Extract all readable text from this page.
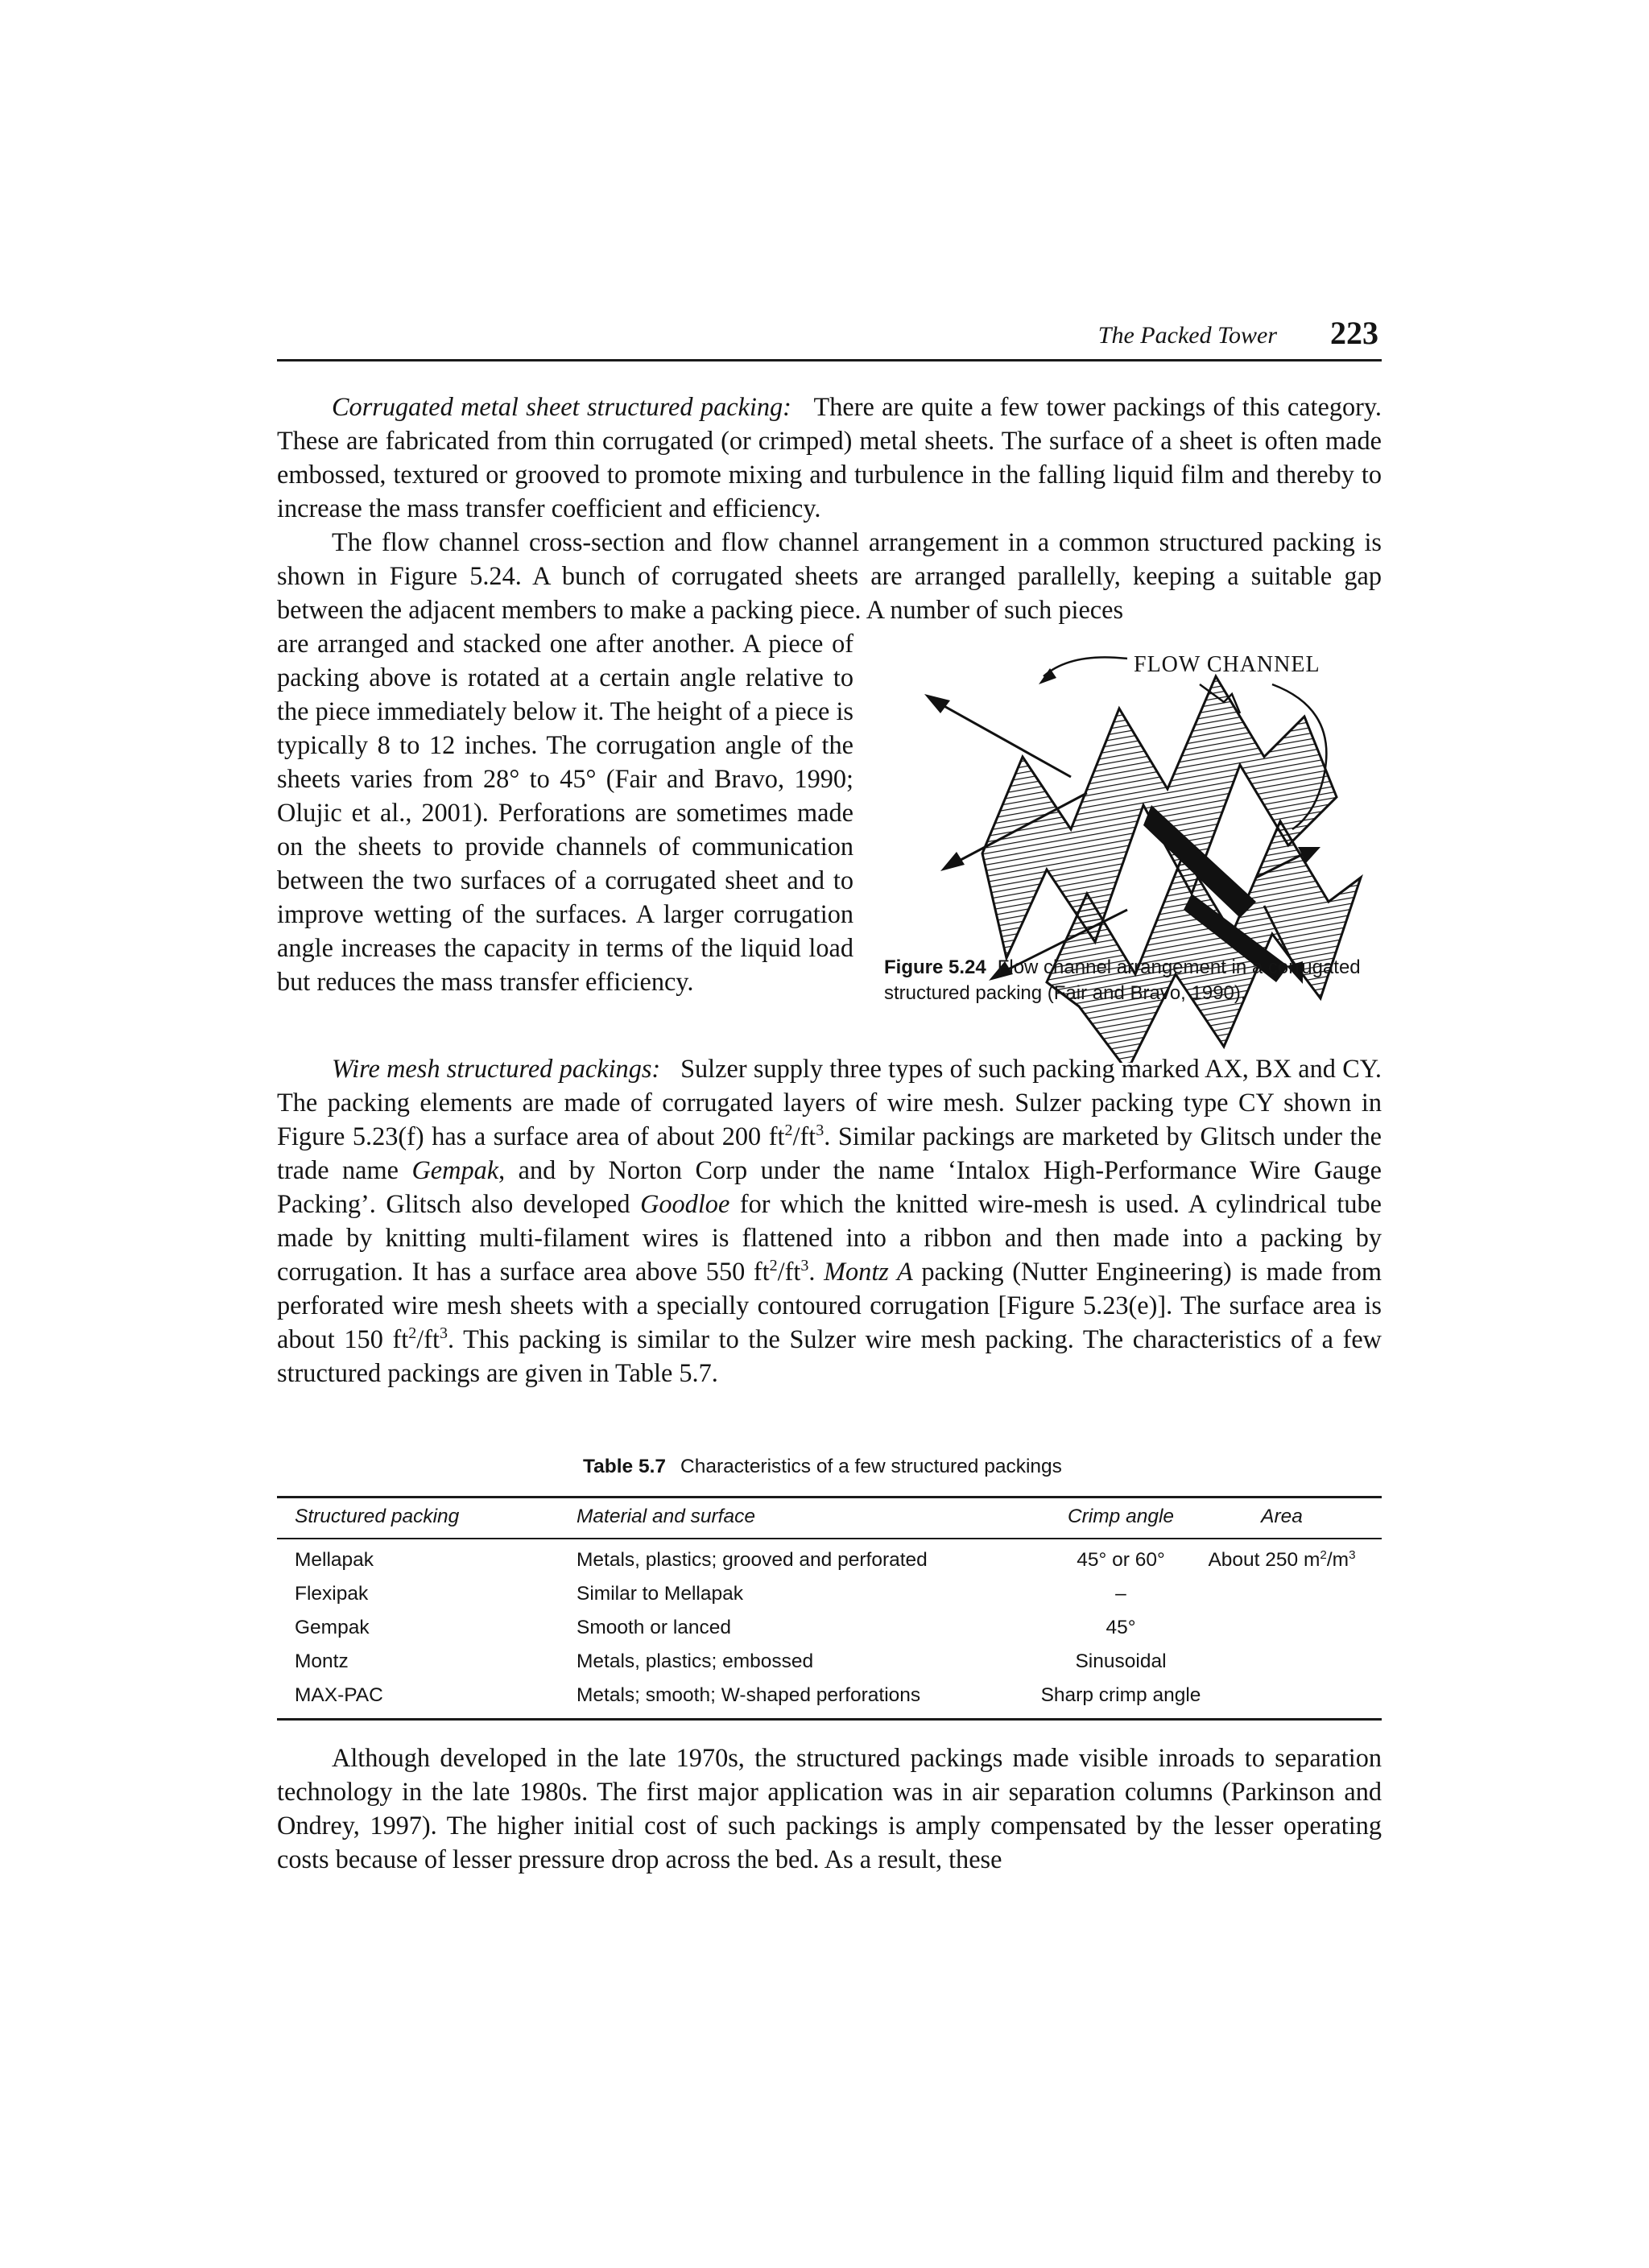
The Packed Tower 223

Corrugated metal sheet structured packing: There are quite a few tower packings of this category. These are fabricated from thin corrugated (or crimped) metal sheets. The surface of a sheet is often made embossed, textured or grooved to promote mixing and turbulence in the falling liquid film and thereby to increase the mass transfer coefficient and efficiency.

The flow channel cross-section and flow channel arrangement in a common structured packing is shown in Figure 5.24. A bunch of corrugated sheets are arranged parallelly, keeping a suitable gap between the adjacent members to make a packing piece. A number of such pieces

are arranged and stacked one after another. A piece of packing above is rotated at a certain angle relative to the piece immediately below it. The height of a piece is typically 8 to 12 inches. The corrugation angle of the sheets varies from 28° to 45° (Fair and Bravo, 1990; Olujic et al., 2001). Perforations are sometimes made on the sheets to provide channels of communication between the two surfaces of a corrugated sheet and to improve wetting of the surfaces. A larger corrugation angle increases the capacity in terms of the liquid load but reduces the mass transfer efficiency.

FLOW CHANNEL
Figure 5.24 Flow channel arrangement in a corrugated structured packing (Fair and Bravo, 1990).

Wire mesh structured packings: Sulzer supply three types of such packing marked AX, BX and CY. The packing elements are made of corrugated layers of wire mesh. Sulzer packing type CY shown in Figure 5.23(f) has a surface area of about 200 $ft^2/ft^3$. Similar packings are marketed by Glitsch under the trade name Gempak, and by Norton Corp under the name ‘Intalox High-Performance Wire Gauge Packing’. Glitsch also developed Goodloe for which the knitted wire-mesh is used. A cylindrical tube made by knitting multi-filament wires is flattened into a ribbon and then made into a packing by corrugation. It has a surface area above 550 $ft^2/ft^3$. Montz A packing (Nutter Engineering) is made from perforated wire mesh sheets with a specially contoured corrugation [Figure 5.23(e)]. The surface area is about 150 $ft^2/ft^3$. This packing is similar to the Sulzer wire mesh packing. The characteristics of a few structured packings are given in Table 5.7.

Table 5.7 Characteristics of a few structured packings
Structured packing	Material and surface	Crimp angle	Area
Mellapak	Metals, plastics; grooved and perforated	45° or 60°	About 250 $m^2/m^3$
Flexipak	Similar to Mellapak	–
Gempak	Smooth or lanced	45°
Montz	Metals, plastics; embossed	Sinusoidal
MAX-PAC	Metals; smooth; W-shaped perforations	Sharp crimp angle

Although developed in the late 1970s, the structured packings made visible inroads to separation technology in the late 1980s. The first major application was in air separation columns (Parkinson and Ondrey, 1997). The higher initial cost of such packings is amply compensated by the lesser operating costs because of lesser pressure drop across the bed. As a result, these
